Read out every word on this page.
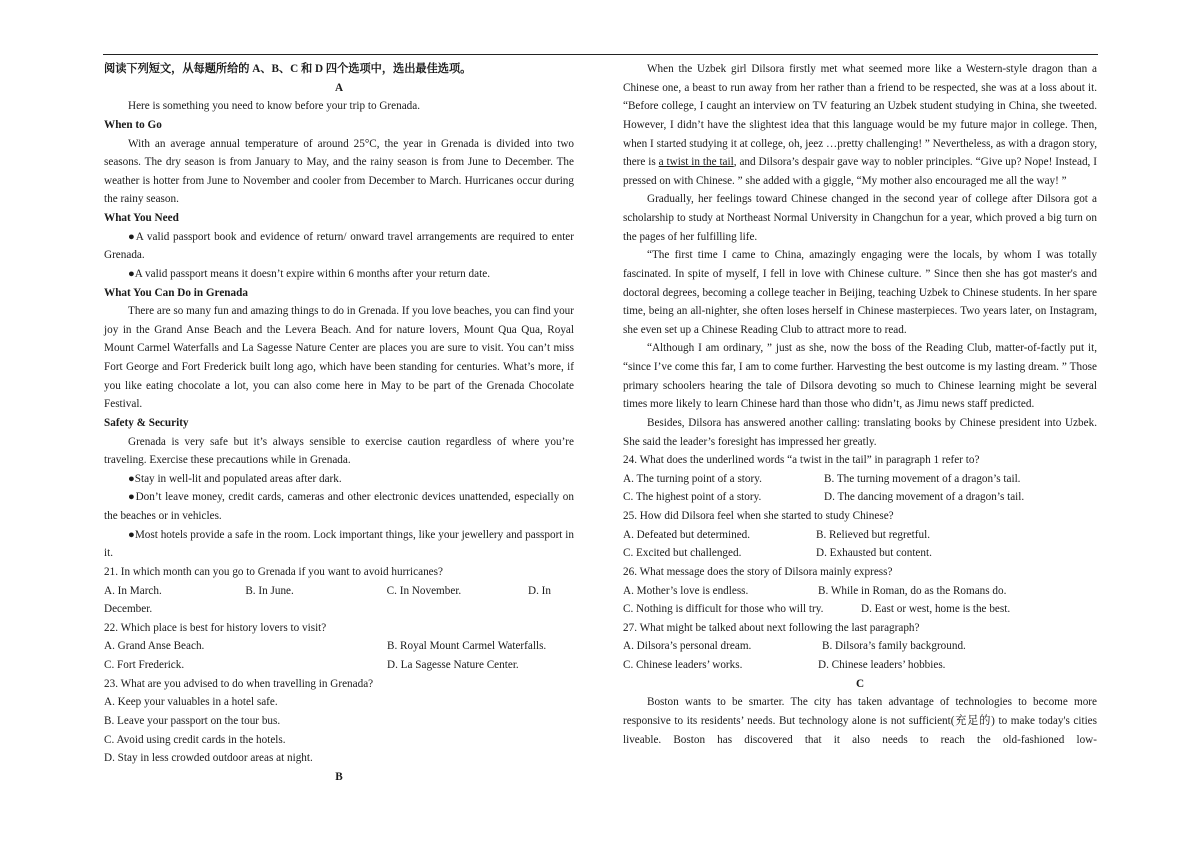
阅读下列短文，从每题所给的 A、B、C 和 D 四个选项中，选出最佳选项。

A

Here is something you need to know before your trip to Grenada.

When to Go

With an average annual temperature of around 25°C, the year in Grenada is divided into two seasons. The dry season is from January to May, and the rainy season is from June to December. The weather is hotter from June to November and cooler from December to March. Hurricanes occur during the rainy season.

What You Need

●A valid passport book and evidence of return/ onward travel arrangements are required to enter Grenada.

●A valid passport means it doesn’t expire within 6 months after your return date.

What You Can Do in Grenada

There are so many fun and amazing things to do in Grenada. If you love beaches, you can find your joy in the Grand Anse Beach and the Levera Beach. And for nature lovers, Mount Qua Qua, Royal Mount Carmel Waterfalls and La Sagesse Nature Center are places you are sure to visit. You can’t miss Fort George and Fort Frederick built long ago, which have been standing for centuries. What’s more, if you like eating chocolate a lot, you can also come here in May to be part of the Grenada Chocolate Festival.

Safety & Security

Grenada is very safe but it’s always sensible to exercise caution regardless of where you’re traveling. Exercise these precautions while in Grenada.

●Stay in well-lit and populated areas after dark.

●Don’t leave money, credit cards, cameras and other electronic devices unattended, especially on the beaches or in vehicles.

●Most hotels provide a safe in the room. Lock important things, like your jewellery and passport in it.

21. In which month can you go to Grenada if you want to avoid hurricanes?

A. In March.	B. In June.	C. In November.	D. In

December.

22. Which place is best for history lovers to visit?

A. Grand Anse Beach.	B. Royal Mount Carmel Waterfalls.
C. Fort Frederick.	D. La Sagesse Nature Center.

23. What are you advised to do when travelling in Grenada?

A. Keep your valuables in a hotel safe.

B. Leave your passport on the tour bus.

C. Avoid using credit cards in the hotels.

D. Stay in less crowded outdoor areas at night.

B

When the Uzbek girl Dilsora firstly met what seemed more like a Western-style dragon than a Chinese one, a beast to run away from her rather than a friend to be respected, she was at a loss about it. “Before college, I caught an interview on TV featuring an Uzbek student studying in China, she tweeted. However, I didn’t have the slightest idea that this language would be my future major in college. Then, when I started studying it at college, oh, jeez …pretty challenging! ” Nevertheless, as with a dragon story, there is a twist in the tail, and Dilsora’s despair gave way to nobler principles. “Give up? Nope! Instead, I pressed on with Chinese. ” she added with a giggle, “My mother also encouraged me all the way! ”

Gradually, her feelings toward Chinese changed in the second year of college after Dilsora got a scholarship to study at Northeast Normal University in Changchun for a year, which proved a big turn on the pages of her fulfilling life.

“The first time I came to China, amazingly engaging were the locals, by whom I was totally fascinated. In spite of myself, I fell in love with Chinese culture. ” Since then she has got master's and doctoral degrees, becoming a college teacher in Beijing, teaching Uzbek to Chinese students. In her spare time, being an all-nighter, she often loses herself in Chinese masterpieces. Two years later, on Instagram, she even set up a Chinese Reading Club to attract more to read.

“Although I am ordinary, ” just as she, now the boss of the Reading Club, matter-of-factly put it, “since I’ve come this far, I am to come further. Harvesting the best outcome is my lasting dream. ” Those primary schoolers hearing the tale of Dilsora devoting so much to Chinese learning might be several times more likely to learn Chinese hard than those who didn’t, as Jimu news staff predicted.

Besides, Dilsora has answered another calling: translating books by Chinese president into Uzbek. She said the leader’s foresight has impressed her greatly.

24. What does the underlined words “a twist in the tail” in paragraph 1 refer to?

A. The turning point of a story.	B. The turning movement of a dragon’s tail.
C. The highest point of a story.	D. The dancing movement of a dragon’s tail.

25. How did Dilsora feel when she started to study Chinese?

A. Defeated but determined.	B. Relieved but regretful.
C. Excited but challenged.	D. Exhausted but content.

26. What message does the story of Dilsora mainly express?

A. Mother’s love is endless.	B. While in Roman, do as the Romans do.
C. Nothing is difficult for those who will try.	D. East or west, home is the best.

27. What might be talked about next following the last paragraph?

A. Dilsora’s personal dream.	B. Dilsora’s family background.
C. Chinese leaders’ works.	D. Chinese leaders’ hobbies.

C

Boston wants to be smarter. The city has taken advantage of technologies to become more responsive to its residents’ needs. But technology alone is not sufficient(充足的) to make today's cities liveable. Boston has discovered that it also needs to reach the old-fashioned low-
